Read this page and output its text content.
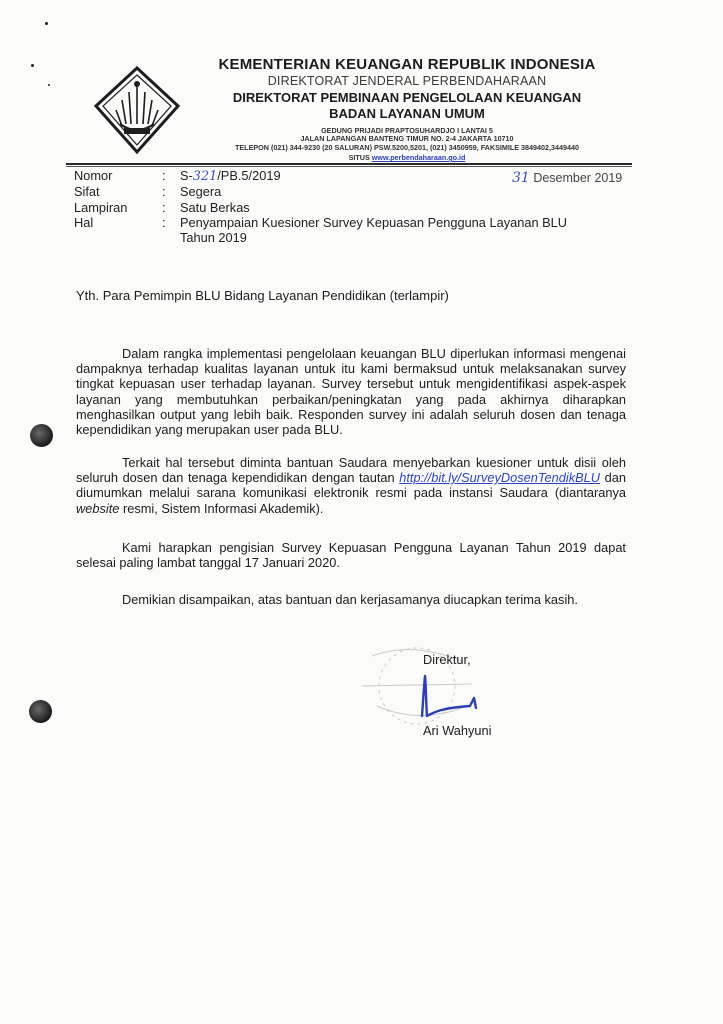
KEMENTERIAN KEUANGAN REPUBLIK INDONESIA
DIREKTORAT JENDERAL PERBENDAHARAAN
DIREKTORAT PEMBINAAN PENGELOLAAN KEUANGAN
BADAN LAYANAN UMUM
GEDUNG PRIJADI PRAPTOSUHARDJO I LANTAI 5
JALAN LAPANGAN BANTENG TIMUR NO. 2-4 JAKARTA 10710
TELEPON (021) 344-9230 (20 SALURAN) PSW.5200,5201, (021) 3450959, FAKSIMILE 3849402,3449440
SITUS www.perbendaharaan.go.id
Nomor	: S-321/PB.5/2019	31 Desember 2019
Sifat	: Segera
Lampiran	: Satu Berkas
Hal	: Penyampaian Kuesioner Survey Kepuasan Pengguna Layanan BLU
Tahun 2019
Yth. Para Pemimpin BLU Bidang Layanan Pendidikan (terlampir)
Dalam rangka implementasi pengelolaan keuangan BLU diperlukan informasi mengenai dampaknya terhadap kualitas layanan untuk itu kami bermaksud untuk melaksanakan survey tingkat kepuasan user terhadap layanan. Survey tersebut untuk mengidentifikasi aspek-aspek layanan yang membutuhkan perbaikan/peningkatan yang pada akhirnya diharapkan menghasilkan output yang lebih baik. Responden survey ini adalah seluruh dosen dan tenaga kependidikan yang merupakan user pada BLU.
Terkait hal tersebut diminta bantuan Saudara menyebarkan kuesioner untuk disii oleh seluruh dosen dan tenaga kependidikan dengan tautan http://bit.ly/SurveyDosenTendikBLU dan diumumkan melalui sarana komunikasi elektronik resmi pada instansi Saudara (diantaranya website resmi, Sistem Informasi Akademik).
Kami harapkan pengisian Survey Kepuasan Pengguna Layanan Tahun 2019 dapat selesai paling lambat tanggal 17 Januari 2020.
Demikian disampaikan, atas bantuan dan kerjasamanya diucapkan terima kasih.
Direktur,
Ari Wahyuni
